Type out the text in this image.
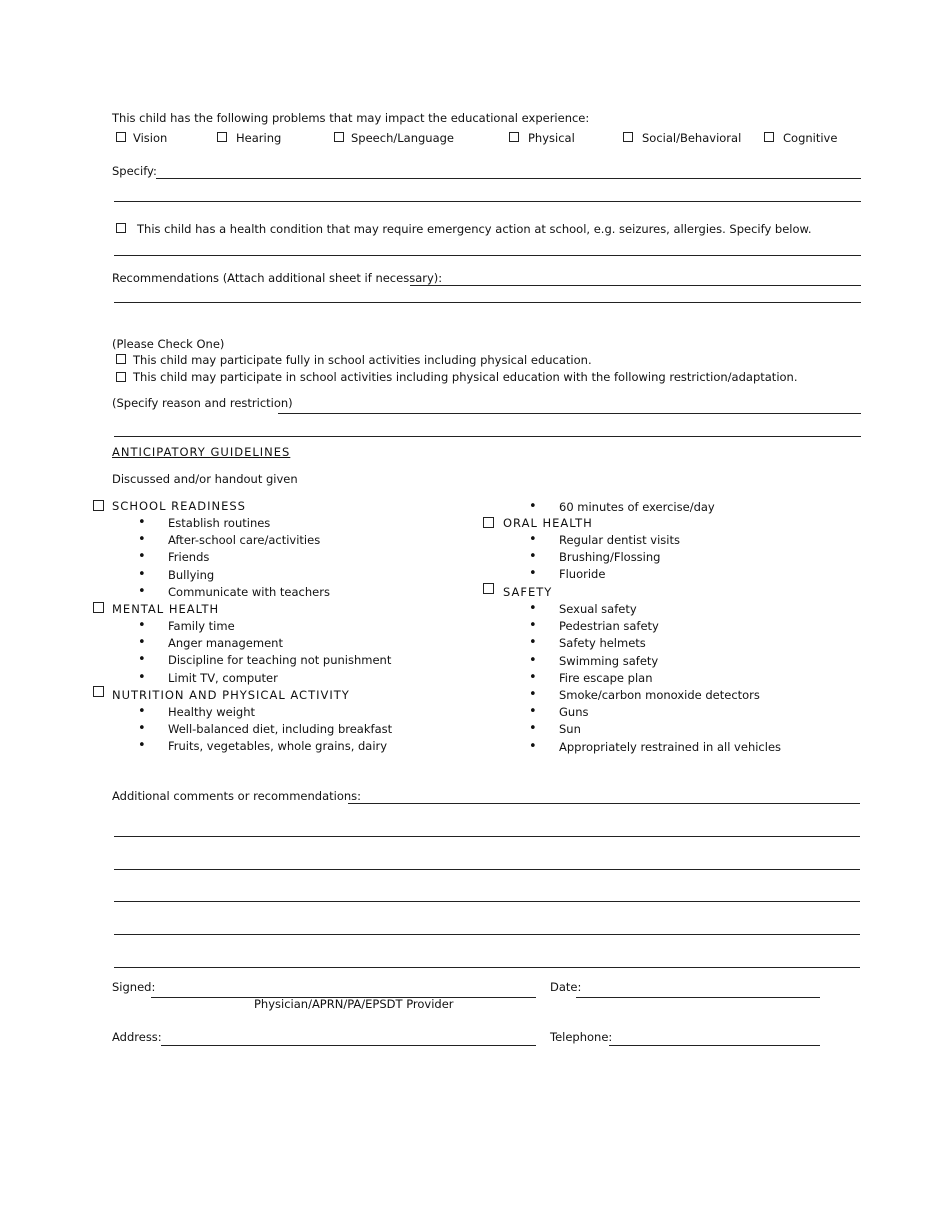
This child has the following problems that may impact the educational experience:
Vision	Hearing	Speech/Language	Physical	Social/Behavioral	Cognitive
Specify:
This child has a health condition that may require emergency action at school, e.g. seizures, allergies. Specify below.
Recommendations (Attach additional sheet if necessary):
(Please Check One)
This child may participate fully in school activities including physical education.
This child may participate in school activities including physical education with the following restriction/adaptation.
(Specify reason and restriction)
ANTICIPATORY GUIDELINES
Discussed and/or handout given
SCHOOL READINESS
• Establish routines
• After-school care/activities
• Friends
• Bullying
• Communicate with teachers
MENTAL HEALTH
• Family time
• Anger management
• Discipline for teaching not punishment
• Limit TV, computer
NUTRITION AND PHYSICAL ACTIVITY
• Healthy weight
• Well-balanced diet, including breakfast
• Fruits, vegetables, whole grains, dairy
• 60 minutes of exercise/day
ORAL HEALTH
• Regular dentist visits
• Brushing/Flossing
• Fluoride
SAFETY
• Sexual safety
• Pedestrian safety
• Safety helmets
• Swimming safety
• Fire escape plan
• Smoke/carbon monoxide detectors
• Guns
• Sun
• Appropriately restrained in all vehicles
Additional comments or recommendations:
Signed:
Physician/APRN/PA/EPSDT Provider
Date:
Address:	Telephone:
